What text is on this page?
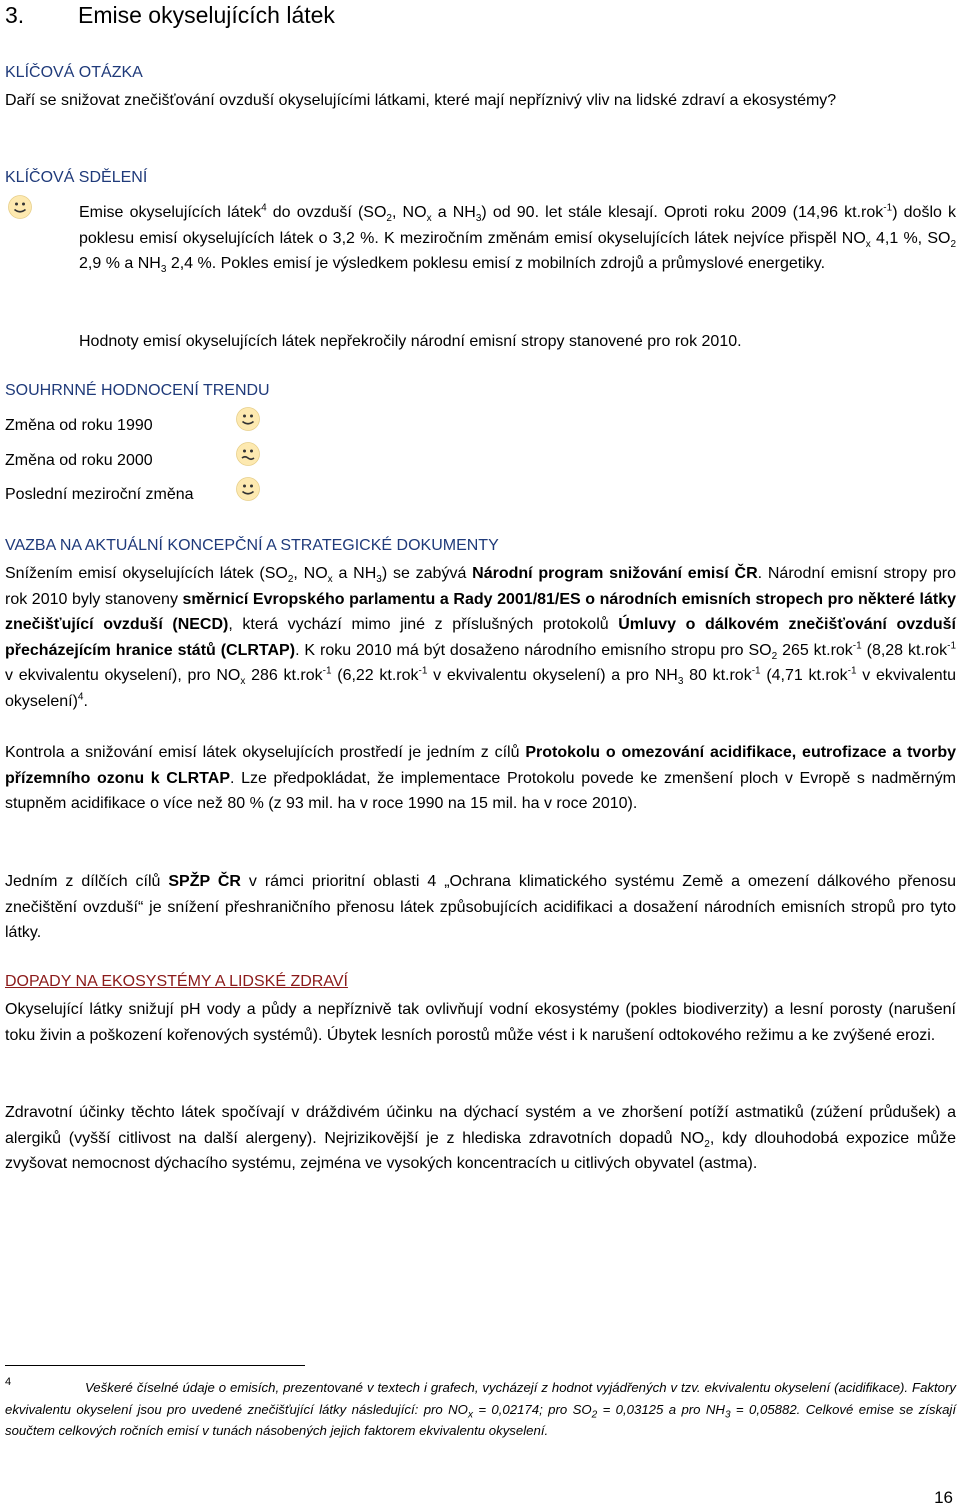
3. Emise okyselujících látek
KLÍČOVÁ OTÁZKA

Daří se snižovat znečišťování ovzduší okyselujícími látkami, které mají nepříznivý vliv na lidské zdraví a ekosystémy?

KLÍČOVÁ SDĚLENÍ

Emise okyselujících látek$^4$ do ovzduší ($SO_2$, $NO_x$ a $NH_3$) od 90. let stále klesají. Oproti roku 2009 (14,96 kt.rok$^{-1}$) došlo k poklesu emisí okyselujících látek o 3,2 %. K meziročním změnám emisí okyselujících látek nejvíce přispěl $NO_x$ 4,1 %, $SO_2$ 2,9 % a $NH_3$ 2,4 %. Pokles emisí je výsledkem poklesu emisí z mobilních zdrojů a průmyslové energetiky.

Hodnoty emisí okyselujících látek nepřekročily národní emisní stropy stanovené pro rok 2010.

SOUHRNNÉ HODNOCENÍ TRENDU
Změna od roku 1990
Změna od roku 2000
Poslední meziroční změna
VAZBA NA AKTUÁLNÍ KONCEPČNÍ A STRATEGICKÉ DOKUMENTY

Snížením emisí okyselujících látek ($SO_2$, $NO_x$ a $NH_3$) se zabývá Národní program snižování emisí ČR. Národní emisní stropy pro rok 2010 byly stanoveny směrnicí Evropského parlamentu a Rady 2001/81/ES o národních emisních stropech pro některé látky znečišťující ovzduší (NECD), která vychází mimo jiné z příslušných protokolů Úmluvy o dálkovém znečišťování ovzduší přecházejícím hranice států (CLRTAP). K roku 2010 má být dosaženo národního emisního stropu pro $SO_2$ 265 kt.rok$^{-1}$ (8,28 kt.rok$^{-1}$ v ekvivalentu okyselení), pro $NO_x$ 286 kt.rok$^{-1}$ (6,22 kt.rok$^{-1}$ v ekvivalentu okyselení) a pro $NH_3$ 80 kt.rok$^{-1}$ (4,71 kt.rok$^{-1}$ v ekvivalentu okyselení)$^4$.

Kontrola a snižování emisí látek okyselujících prostředí je jedním z cílů Protokolu o omezování acidifikace, eutrofizace a tvorby přízemního ozonu k CLRTAP. Lze předpokládat, že implementace Protokolu povede ke zmenšení ploch v Evropě s nadměrným stupněm acidifikace o více než 80 % (z 93 mil. ha v roce 1990 na 15 mil. ha v roce 2010).

Jedním z dílčích cílů SPŽP ČR v rámci prioritní oblasti 4 „Ochrana klimatického systému Země a omezení dálkového přenosu znečištění ovzduší“ je snížení přeshraničního přenosu látek způsobujících acidifikaci a dosažení národních emisních stropů pro tyto látky.

DOPADY NA EKOSYSTÉMY A LIDSKÉ ZDRAVÍ

Okyselující látky snižují pH vody a půdy a nepříznivě tak ovlivňují vodní ekosystémy (pokles biodiverzity) a lesní porosty (narušení toku živin a poškození kořenových systémů). Úbytek lesních porostů může vést i k narušení odtokového režimu a ke zvýšené erozi.

Zdravotní účinky těchto látek spočívají v dráždivém účinku na dýchací systém a ve zhoršení potíží astmatiků (zúžení průdušek) a alergiků (vyšší citlivost na další alergeny). Nejrizikovější je z hlediska zdravotních dopadů $NO_2$, kdy dlouhodobá expozice může zvyšovat nemocnost dýchacího systému, zejména ve vysokých koncentracích u citlivých obyvatel (astma).

4	Veškeré číselné údaje o emisích, prezentované v textech i grafech, vycházejí z hodnot vyjádřených v tzv. ekvivalentu okyselení (acidifikace). Faktory ekvivalentu okyselení jsou pro uvedené znečišťující látky následující: pro $NO_x = 0,02174$; pro $SO_2 = 0,03125$ a pro $NH_3 = 0,05882$. Celkové emise se získají součtem celkových ročních emisí v tunách násobených jejich faktorem ekvivalentu okyselení.

16
